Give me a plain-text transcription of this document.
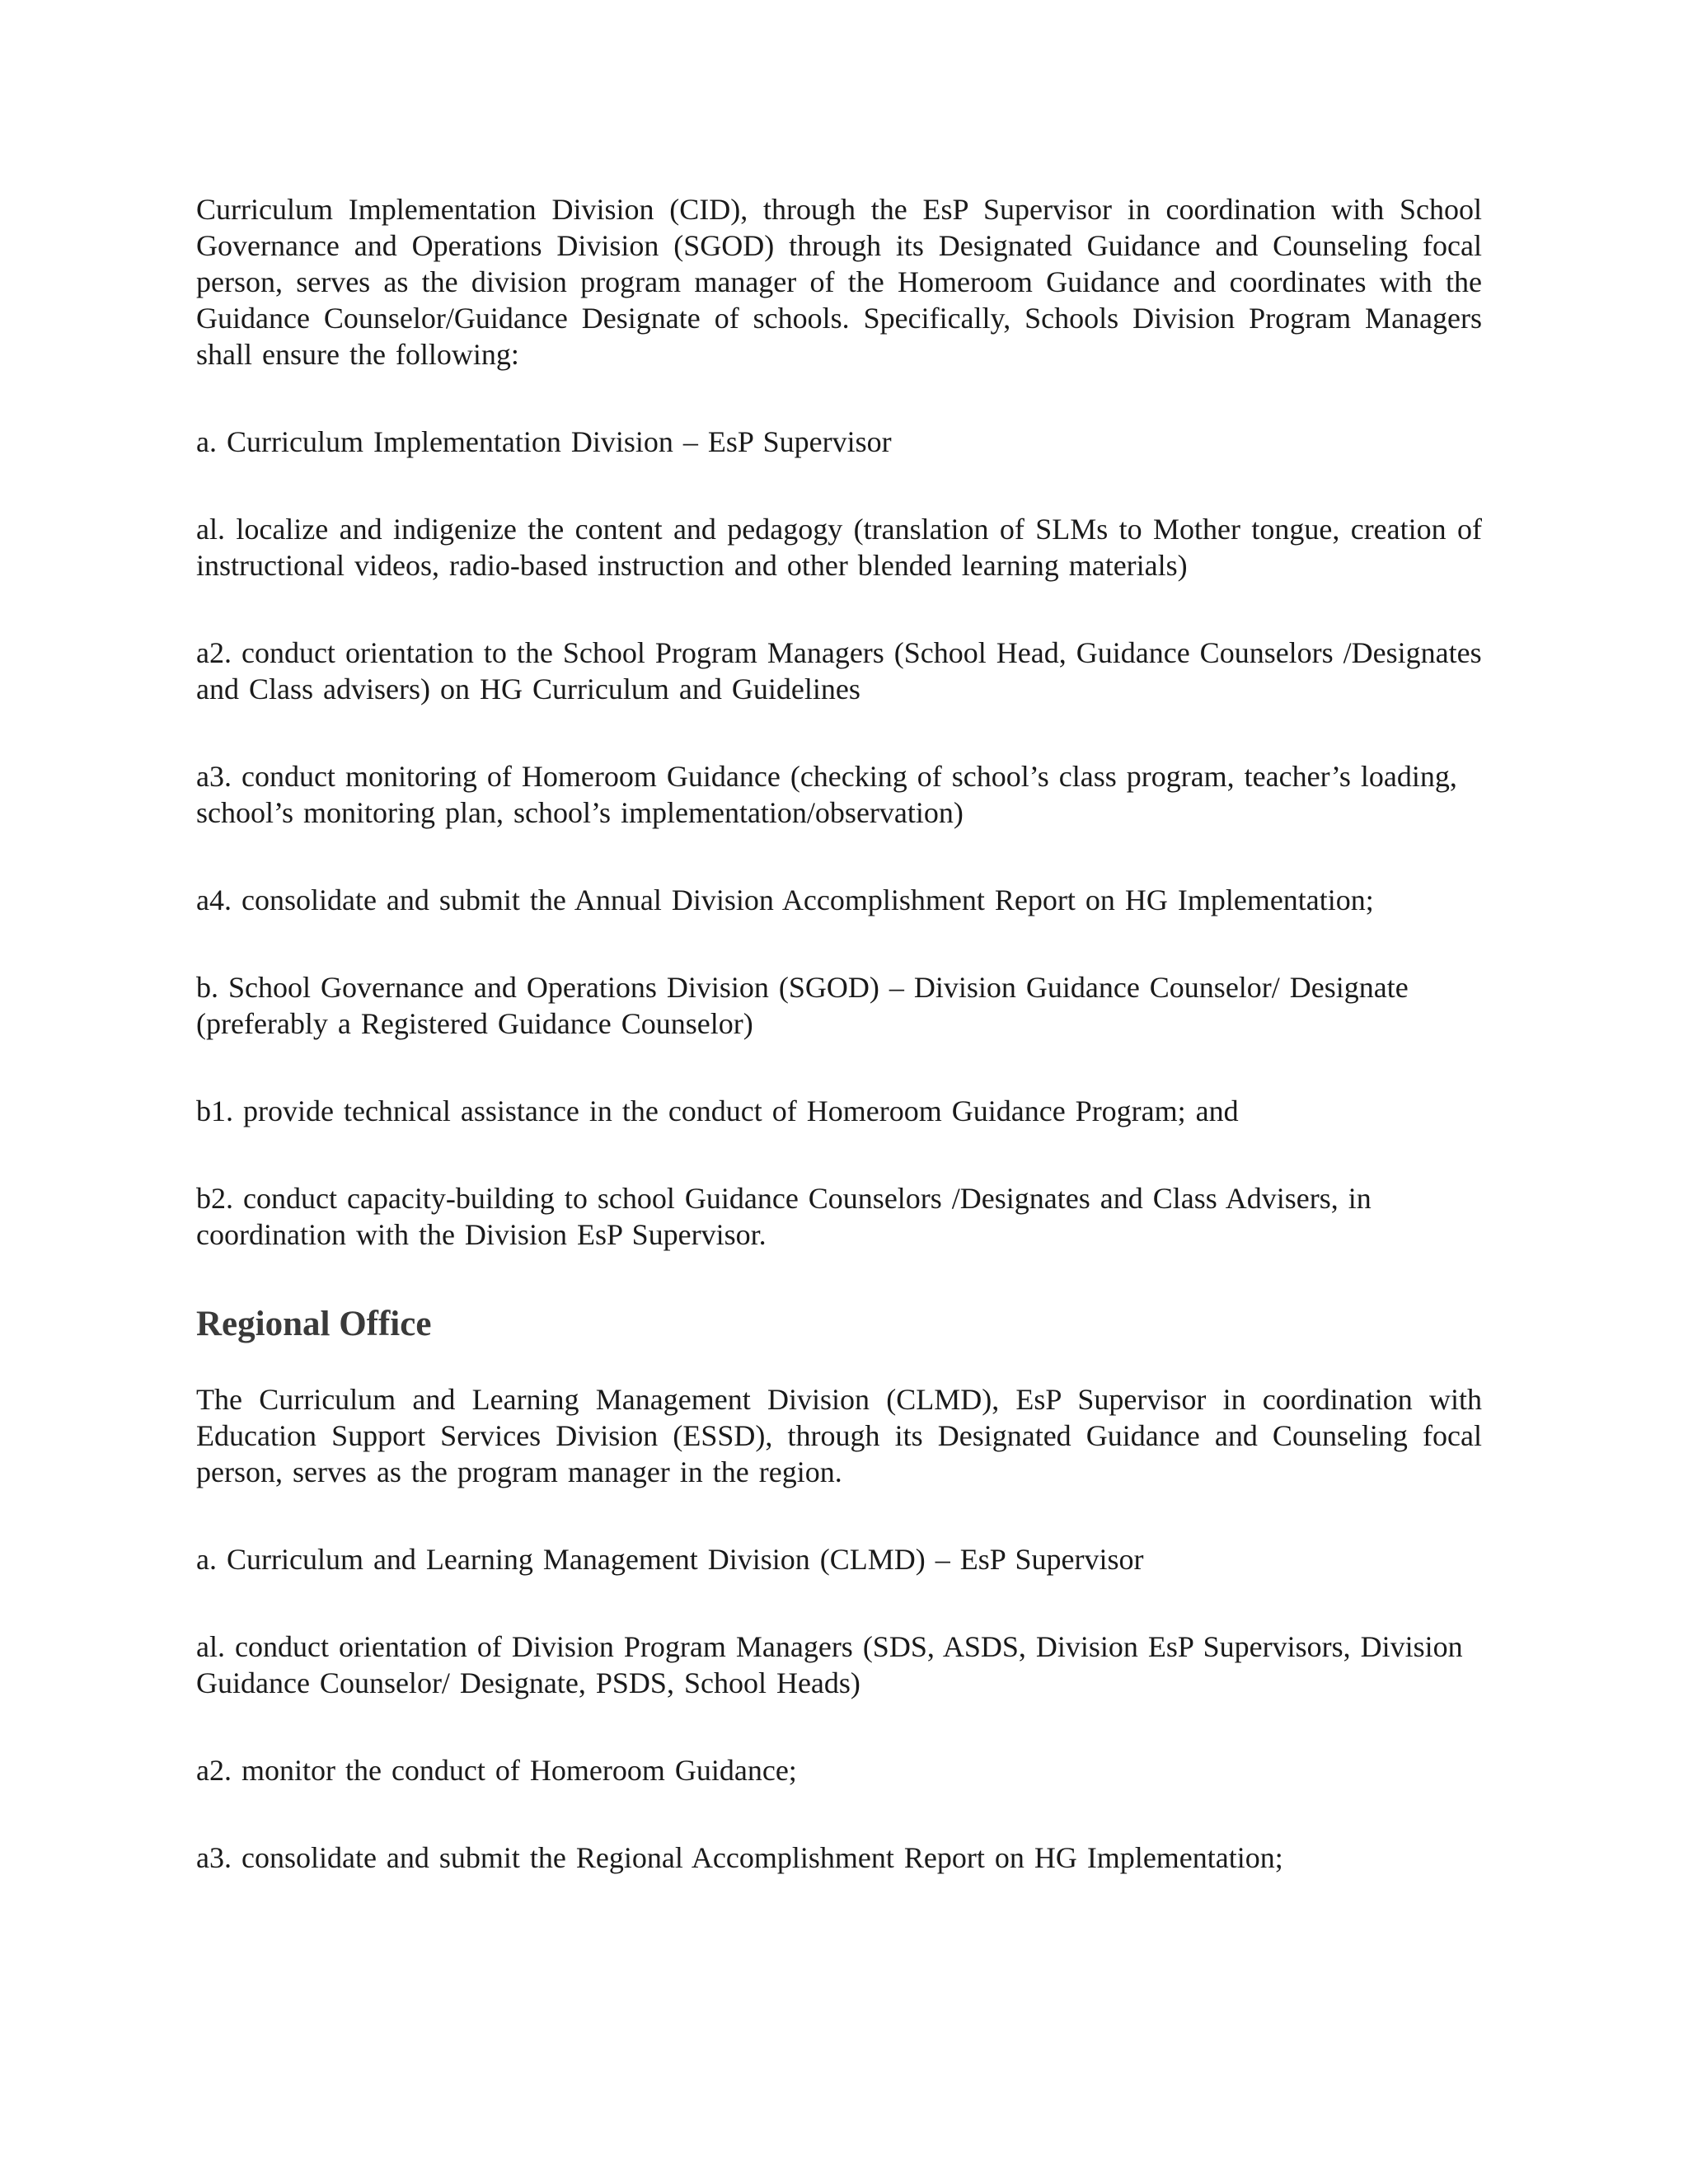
Curriculum Implementation Division (CID), through the EsP Supervisor in coordination with School Governance and Operations Division (SGOD) through its Designated Guidance and Counseling focal person, serves as the division program manager of the Homeroom Guidance and coordinates with the Guidance Counselor/Guidance Designate of schools. Specifically, Schools Division Program Managers shall ensure the following:

a. Curriculum Implementation Division – EsP Supervisor

al. localize and indigenize the content and pedagogy (translation of SLMs to Mother tongue, creation of instructional videos, radio-based instruction and other blended learning materials)

a2. conduct orientation to the School Program Managers (School Head, Guidance Counselors /Designates and Class advisers) on HG Curriculum and Guidelines

a3. conduct monitoring of Homeroom Guidance (checking of school’s class program, teacher’s loading, school’s monitoring plan, school’s implementation/observation)

a4. consolidate and submit the Annual Division Accomplishment Report on HG Implementation;

b. School Governance and Operations Division (SGOD) – Division Guidance Counselor/ Designate (preferably a Registered Guidance Counselor)

b1. provide technical assistance in the conduct of Homeroom Guidance Program; and

b2. conduct capacity-building to school Guidance Counselors /Designates and Class Advisers, in coordination with the Division EsP Supervisor.

Regional Office

The Curriculum and Learning Management Division (CLMD), EsP Supervisor in coordination with Education Support Services Division (ESSD), through its Designated Guidance and Counseling focal person, serves as the program manager in the region.

a. Curriculum and Learning Management Division (CLMD) – EsP Supervisor

al. conduct orientation of Division Program Managers (SDS, ASDS, Division EsP Supervisors, Division Guidance Counselor/ Designate, PSDS, School Heads)

a2. monitor the conduct of Homeroom Guidance;

a3. consolidate and submit the Regional Accomplishment Report on HG Implementation;
